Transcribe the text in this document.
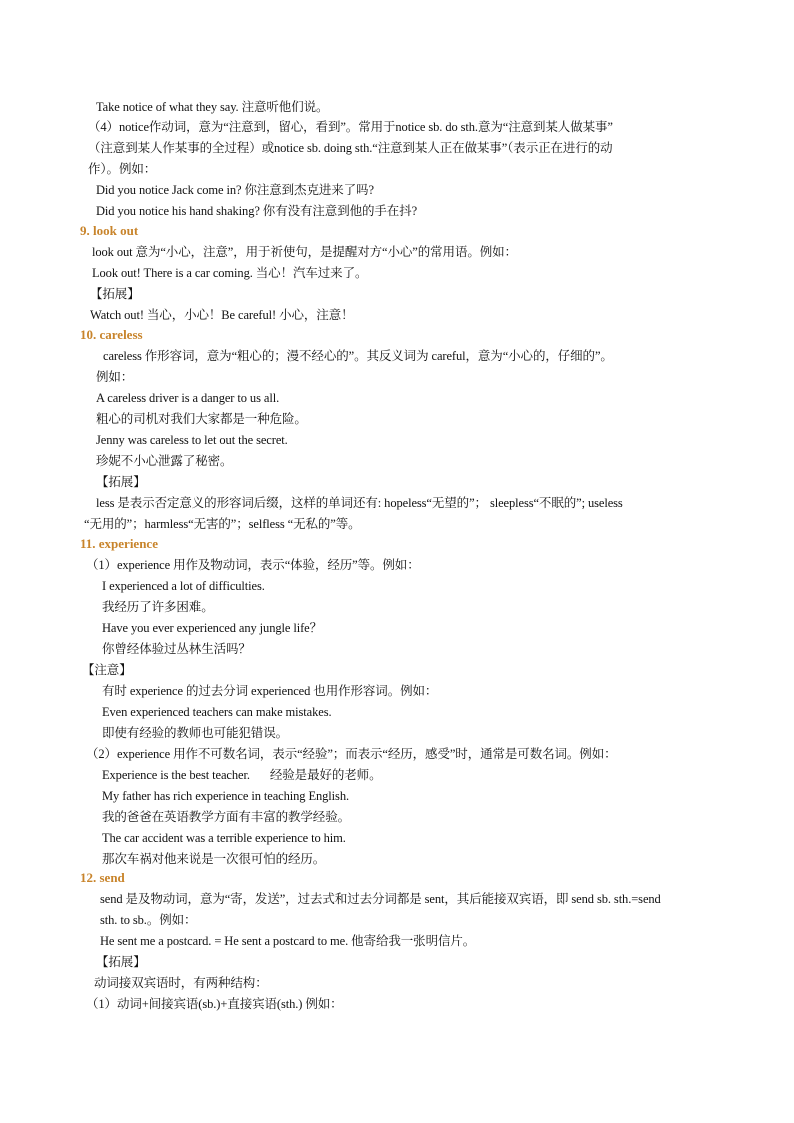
Take notice of what they say. 注意听他们说。
（4）notice作动词，意为“注意到，留心，看到”。常用于notice sb. do sth.意为“注意到某人做某事”
（注意到某人作某事的全过程）或notice sb. doing sth.“注意到某人正在做某事”（表示正在进行的动
作）。例如：
Did you notice Jack come in? 你注意到杰克进来了吗?
Did you notice his hand shaking? 你有没有注意到他的手在抖?
9. look out
look out 意为“小心，注意”，用于祈使句，是提醒对方“小心”的常用语。例如：
Look out! There is a car coming. 当心！汽车过来了。
【拓展】
Watch out! 当心，小心！Be careful! 小心，注意！
10. careless
careless 作形容词，意为“粗心的；漫不经心的”。其反义词为 careful，意为“小心的，仔细的”。
例如：
A careless driver is a danger to us all.
粗心的司机对我们大家都是一种危险。
Jenny was careless to let out the secret.
珍妮不小心泄露了秘密。
【拓展】
less 是表示否定意义的形容词后缀，这样的单词还有: hopeless“无望的”； sleepless“不眠的”; useless
“无用的”；harmless“无害的”；selfless “无私的”等。
11. experience
（1）experience 用作及物动词，表示“体验，经历”等。例如：
I experienced a lot of difficulties.
我经历了许多困难。
Have you ever experienced any jungle life？
你曾经体验过丛林生活吗？
【注意】
有时 experience 的过去分词 experienced 也用作形容词。例如：
Even experienced teachers can make mistakes.
即使有经验的教师也可能犯错误。
（2）experience 用作不可数名词，表示“经验”；而表示“经历，感受”时，通常是可数名词。例如：
Experience is the best teacher. 经验是最好的老师。
My father has rich experience in teaching English.
我的爸爸在英语教学方面有丰富的教学经验。
The car accident was a terrible experience to him.
那次车祸对他来说是一次很可怕的经历。
12. send
send 是及物动词，意为“寄，发送”，过去式和过去分词都是 sent，其后能接双宾语，即 send sb. sth.=send
sth. to sb.。例如：
He sent me a postcard. = He sent a postcard to me. 他寄给我一张明信片。
【拓展】
动词接双宾语时，有两种结构：
（1）动词+间接宾语(sb.)+直接宾语(sth.) 例如：
